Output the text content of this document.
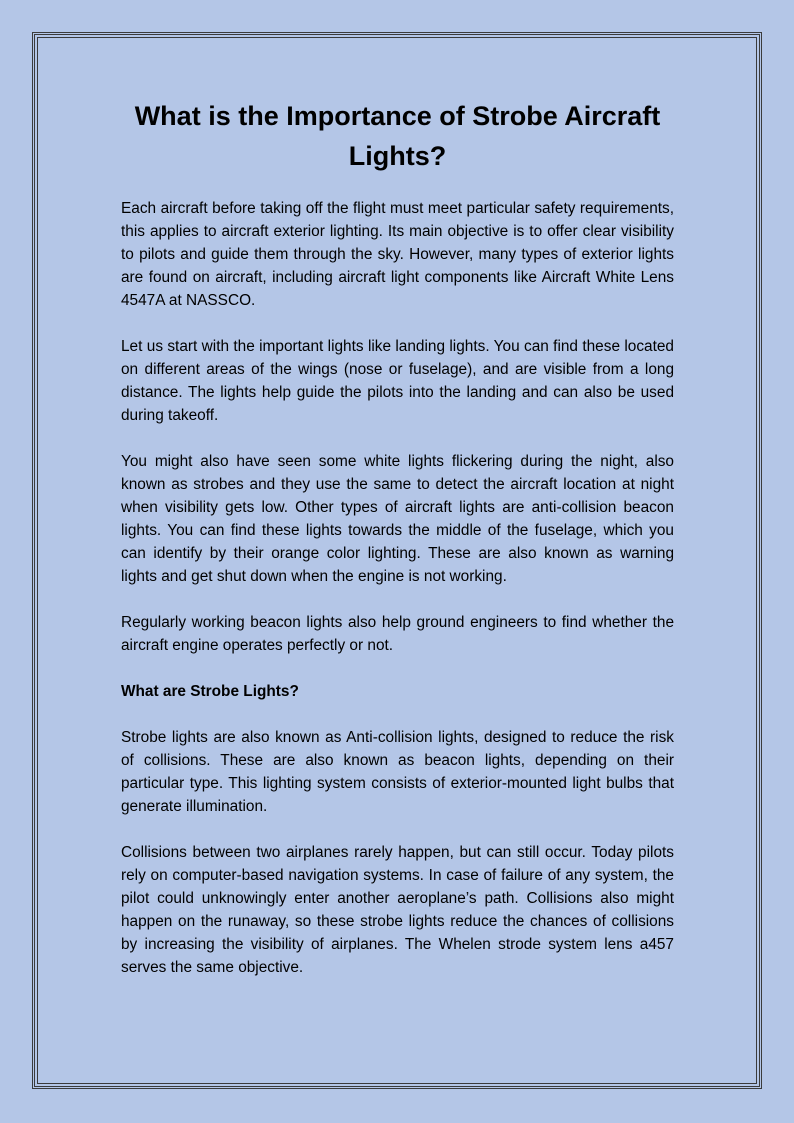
What is the Importance of Strobe Aircraft Lights?

Each aircraft before taking off the flight must meet particular safety requirements, this applies to aircraft exterior lighting. Its main objective is to offer clear visibility to pilots and guide them through the sky. However, many types of exterior lights are found on aircraft, including aircraft light components like Aircraft White Lens 4547A at NASSCO.

Let us start with the important lights like landing lights. You can find these located on different areas of the wings (nose or fuselage), and are visible from a long distance. The lights help guide the pilots into the landing and can also be used during takeoff.

You might also have seen some white lights flickering during the night, also known as strobes and they use the same to detect the aircraft location at night when visibility gets low. Other types of aircraft lights are anti-collision beacon lights. You can find these lights towards the middle of the fuselage, which you can identify by their orange color lighting. These are also known as warning lights and get shut down when the engine is not working.

Regularly working beacon lights also help ground engineers to find whether the aircraft engine operates perfectly or not.

What are Strobe Lights?

Strobe lights are also known as Anti-collision lights, designed to reduce the risk of collisions. These are also known as beacon lights, depending on their particular type. This lighting system consists of exterior-mounted light bulbs that generate illumination.

Collisions between two airplanes rarely happen, but can still occur. Today pilots rely on computer-based navigation systems. In case of failure of any system, the pilot could unknowingly enter another aeroplane’s path. Collisions also might happen on the runaway, so these strobe lights reduce the chances of collisions by increasing the visibility of airplanes. The Whelen strode system lens a457 serves the same objective.
